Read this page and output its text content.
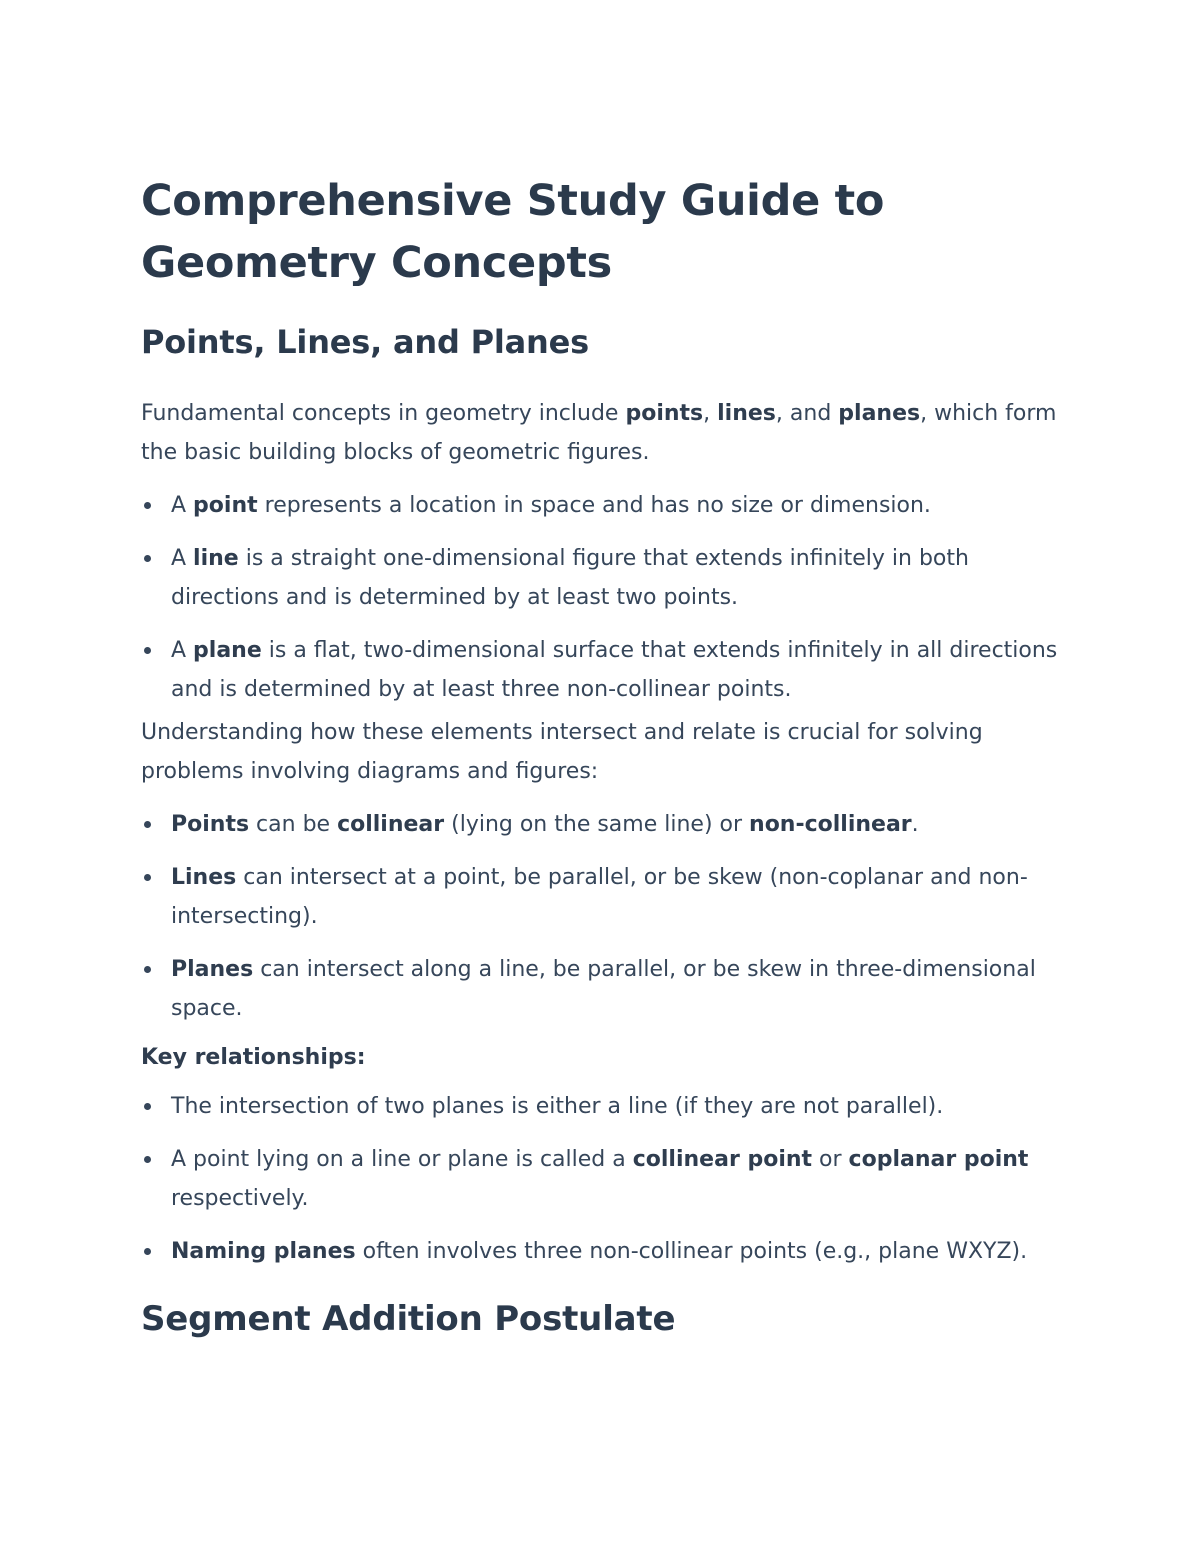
Comprehensive Study Guide to Geometry Concepts
Points, Lines, and Planes

Fundamental concepts in geometry include points, lines, and planes, which form the basic building blocks of geometric figures.

A point represents a location in space and has no size or dimension.
A line is a straight one-dimensional figure that extends infinitely in both directions and is determined by at least two points.
A plane is a flat, two-dimensional surface that extends infinitely in all directions and is determined by at least three non-collinear points.

Understanding how these elements intersect and relate is crucial for solving problems involving diagrams and figures:

Points can be collinear (lying on the same line) or non-collinear.
Lines can intersect at a point, be parallel, or be skew (non-coplanar and non-intersecting).
Planes can intersect along a line, be parallel, or be skew in three-dimensional space.

Key relationships:

The intersection of two planes is either a line (if they are not parallel).
A point lying on a line or plane is called a collinear point or coplanar point respectively.
Naming planes often involves three non-collinear points (e.g., plane WXYZ).
Segment Addition Postulate
